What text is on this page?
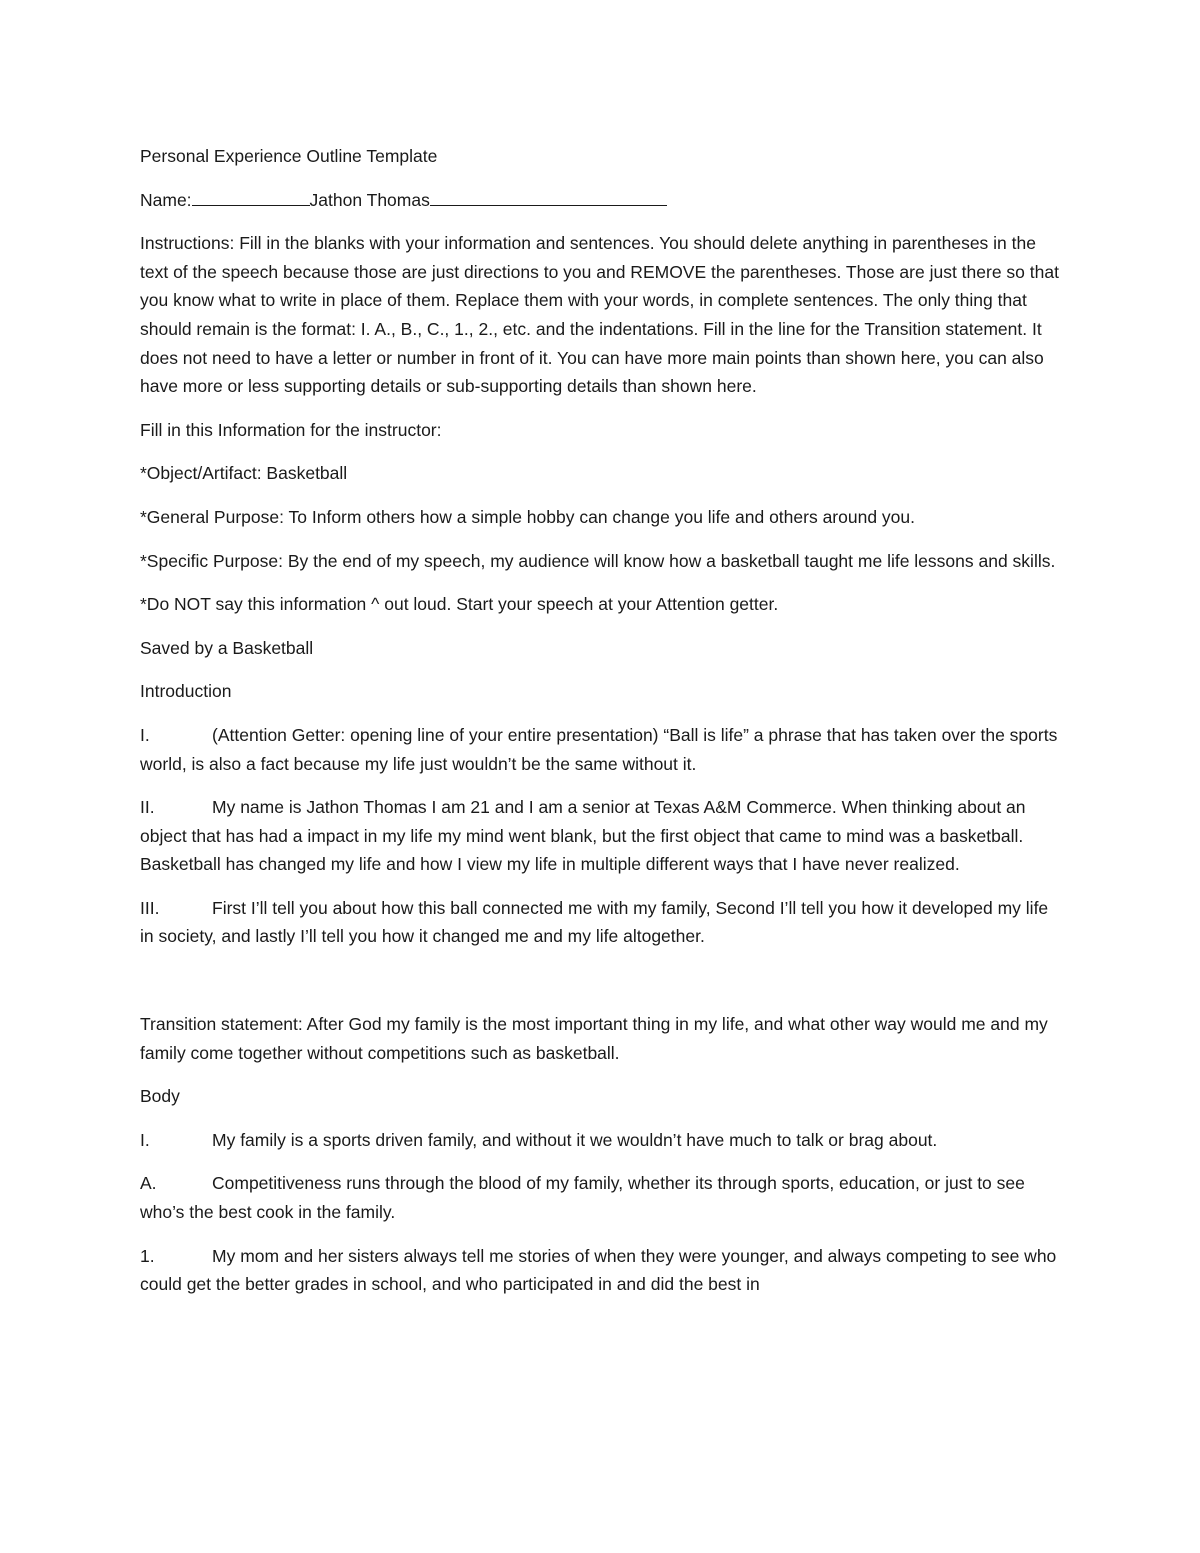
Personal Experience Outline Template

Name:	Jathon Thomas

Instructions: Fill in the blanks with your information and sentences. You should delete anything in parentheses in the text of the speech because those are just directions to you and REMOVE the parentheses. Those are just there so that you know what to write in place of them. Replace them with your words, in complete sentences. The only thing that should remain is the format: I. A., B., C., 1., 2., etc. and the indentations. Fill in the line for the Transition statement. It does not need to have a letter or number in front of it. You can have more main points than shown here, you can also have more or less supporting details or sub-supporting details than shown here.

Fill in this Information for the instructor:

*Object/Artifact: Basketball

*General Purpose: To Inform others how a simple hobby can change you life and others around you.

*Specific Purpose: By the end of my speech, my audience will know how a basketball taught me life lessons and skills.

*Do NOT say this information ^ out loud. Start your speech at your Attention getter.

Saved by a Basketball

Introduction

I.	(Attention Getter: opening line of your entire presentation) “Ball is life” a phrase that has taken over the sports world, is also a fact because my life just wouldn’t be the same without it.

II.	My name is Jathon Thomas I am 21 and I am a senior at Texas A&M Commerce. When thinking about an object that has had a impact in my life my mind went blank, but the first object that came to mind was a basketball. Basketball has changed my life and how I view my life in multiple different ways that I have never realized.

III.	First I’ll tell you about how this ball connected me with my family, Second I’ll tell you how it developed my life in society, and lastly I’ll tell you how it changed me and my life altogether.

Transition statement: After God my family is the most important thing in my life, and what other way would me and my family come together without competitions such as basketball.

Body

I.	My family is a sports driven family, and without it we wouldn’t have much to talk or brag about.

A.	Competitiveness runs through the blood of my family, whether its through sports, education, or just to see who’s the best cook in the family.

1.	My mom and her sisters always tell me stories of when they were younger, and always competing to see who could get the better grades in school, and who participated in and did the best in
